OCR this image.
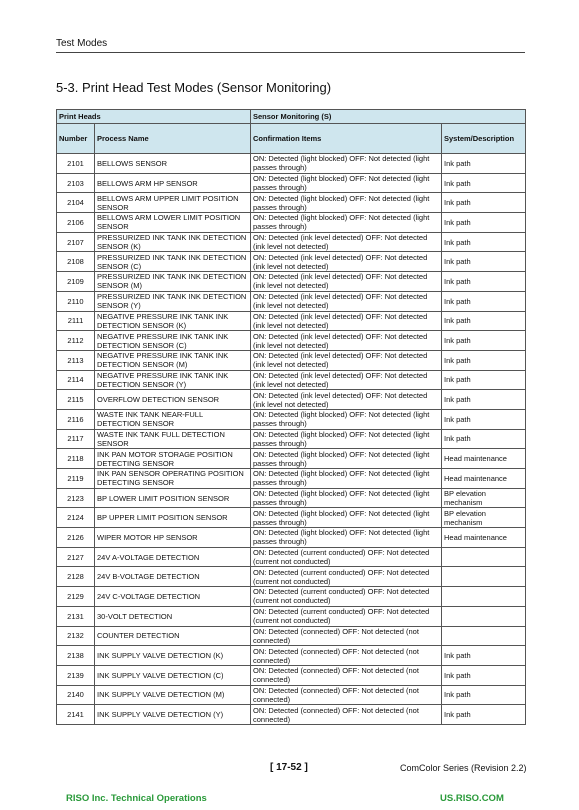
Test Modes
5-3. Print Head Test Modes (Sensor Monitoring)
Print Heads		Sensor Monitoring (S)	
Number	Process Name	Confirmation Items	System/Description
2101	BELLOWS SENSOR	ON: Detected (light blocked) OFF: Not detected (light passes through)	Ink path
2103	BELLOWS ARM HP SENSOR	ON: Detected (light blocked) OFF: Not detected (light passes through)	Ink path
2104	BELLOWS ARM UPPER LIMIT POSITION SENSOR	ON: Detected (light blocked) OFF: Not detected (light passes through)	Ink path
2106	BELLOWS ARM LOWER LIMIT POSITION SENSOR	ON: Detected (light blocked) OFF: Not detected (light passes through)	Ink path
2107	PRESSURIZED INK TANK INK DETECTION SENSOR (K)	ON: Detected (ink level detected) OFF: Not detected (ink level not detected)	Ink path
2108	PRESSURIZED INK TANK INK DETECTION SENSOR (C)	ON: Detected (ink level detected) OFF: Not detected (ink level not detected)	Ink path
2109	PRESSURIZED INK TANK INK DETECTION SENSOR (M)	ON: Detected (ink level detected) OFF: Not detected (ink level not detected)	Ink path
2110	PRESSURIZED INK TANK INK DETECTION SENSOR (Y)	ON: Detected (ink level detected) OFF: Not detected (ink level not detected)	Ink path
2111	NEGATIVE PRESSURE INK TANK INK DETECTION SENSOR (K)	ON: Detected (ink level detected) OFF: Not detected (ink level not detected)	Ink path
2112	NEGATIVE PRESSURE INK TANK INK DETECTION SENSOR (C)	ON: Detected (ink level detected) OFF: Not detected (ink level not detected)	Ink path
2113	NEGATIVE PRESSURE INK TANK INK DETECTION SENSOR (M)	ON: Detected (ink level detected) OFF: Not detected (ink level not detected)	Ink path
2114	NEGATIVE PRESSURE INK TANK INK DETECTION SENSOR (Y)	ON: Detected (ink level detected) OFF: Not detected (ink level not detected)	Ink path
2115	OVERFLOW DETECTION SENSOR	ON: Detected (ink level detected) OFF: Not detected (ink level not detected)	Ink path
2116	WASTE INK TANK NEAR-FULL DETECTION SENSOR	ON: Detected (light blocked) OFF: Not detected (light passes through)	Ink path
2117	WASTE INK TANK FULL DETECTION SENSOR	ON: Detected (light blocked) OFF: Not detected (light passes through)	Ink path
2118	INK PAN MOTOR STORAGE POSITION DETECTING SENSOR	ON: Detected (light blocked) OFF: Not detected (light passes through)	Head maintenance
2119	INK PAN SENSOR OPERATING POSITION DETECTING SENSOR	ON: Detected (light blocked) OFF: Not detected (light passes through)	Head maintenance
2123	BP LOWER LIMIT POSITION SENSOR	ON: Detected (light blocked) OFF: Not detected (light passes through)	BP elevation mechanism
2124	BP UPPER LIMIT POSITION SENSOR	ON: Detected (light blocked) OFF: Not detected (light passes through)	BP elevation mechanism
2126	WIPER MOTOR HP SENSOR	ON: Detected (light blocked) OFF: Not detected (light passes through)	Head maintenance
2127	24V A-VOLTAGE DETECTION	ON: Detected (current conducted) OFF: Not detected (current not conducted)	
2128	24V B-VOLTAGE DETECTION	ON: Detected (current conducted) OFF: Not detected (current not conducted)	
2129	24V C-VOLTAGE DETECTION	ON: Detected (current conducted) OFF: Not detected (current not conducted)	
2131	30-VOLT DETECTION	ON: Detected (current conducted) OFF: Not detected (current not conducted)	
2132	COUNTER DETECTION	ON: Detected (connected) OFF: Not detected (not connected)	
2138	INK SUPPLY VALVE DETECTION (K)	ON: Detected (connected) OFF: Not detected (not connected)	Ink path
2139	INK SUPPLY VALVE DETECTION (C)	ON: Detected (connected) OFF: Not detected (not connected)	Ink path
2140	INK SUPPLY VALVE DETECTION (M)	ON: Detected (connected) OFF: Not detected (not connected)	Ink path
2141	INK SUPPLY VALVE DETECTION (Y)	ON: Detected (connected) OFF: Not detected (not connected)	Ink path
[ 17-52 ]	ComColor Series (Revision 2.2)
RISO Inc. Technical Operations	US.RISO.COM
